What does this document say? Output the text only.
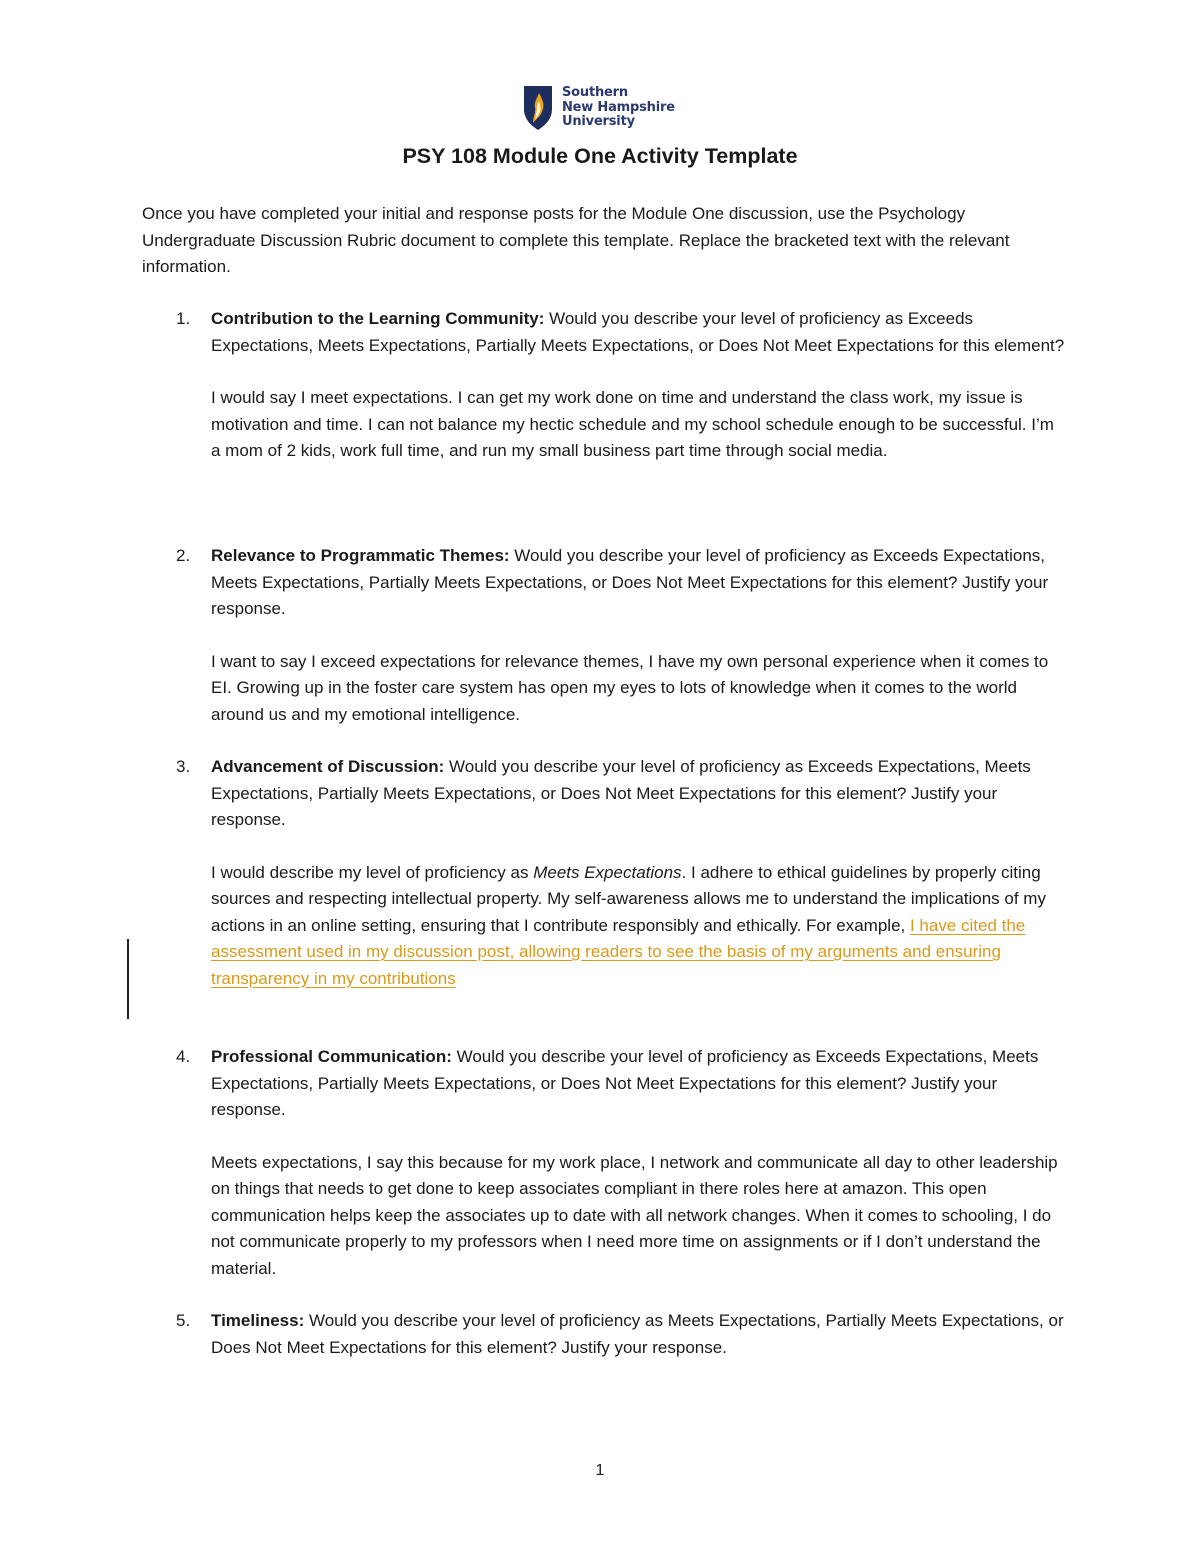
Southern
New Hampshire
University
PSY 108 Module One Activity Template

Once you have completed your initial and response posts for the Module One discussion, use the Psychology Undergraduate Discussion Rubric document to complete this template. Replace the bracketed text with the relevant information.

1.	Contribution to the Learning Community: Would you describe your level of proficiency as Exceeds Expectations, Meets Expectations, Partially Meets Expectations, or Does Not Meet Expectations for this element?

I would say I meet expectations. I can get my work done on time and understand the class work, my issue is motivation and time. I can not balance my hectic schedule and my school schedule enough to be successful. I’m a mom of 2 kids, work full time, and run my small business part time through social media.

2.	Relevance to Programmatic Themes: Would you describe your level of proficiency as Exceeds Expectations, Meets Expectations, Partially Meets Expectations, or Does Not Meet Expectations for this element? Justify your response.

I want to say I exceed expectations for relevance themes, I have my own personal experience when it comes to EI. Growing up in the foster care system has open my eyes to lots of knowledge when it comes to the world around us and my emotional intelligence.

3.	Advancement of Discussion: Would you describe your level of proficiency as Exceeds Expectations, Meets Expectations, Partially Meets Expectations, or Does Not Meet Expectations for this element? Justify your response.

I would describe my level of proficiency as Meets Expectations. I adhere to ethical guidelines by properly citing sources and respecting intellectual property. My self-awareness allows me to understand the implications of my actions in an online setting, ensuring that I contribute responsibly and ethically. For example, I have cited the assessment used in my discussion post, allowing readers to see the basis of my arguments and ensuring transparency in my contributions

4.	Professional Communication: Would you describe your level of proficiency as Exceeds Expectations, Meets Expectations, Partially Meets Expectations, or Does Not Meet Expectations for this element? Justify your response.

Meets expectations, I say this because for my work place, I network and communicate all day to other leadership on things that needs to get done to keep associates compliant in there roles here at amazon. This open communication helps keep the associates up to date with all network changes. When it comes to schooling, I do not communicate properly to my professors when I need more time on assignments or if I don’t understand the material.

5.	Timeliness: Would you describe your level of proficiency as Meets Expectations, Partially Meets Expectations, or Does Not Meet Expectations for this element? Justify your response.

1
